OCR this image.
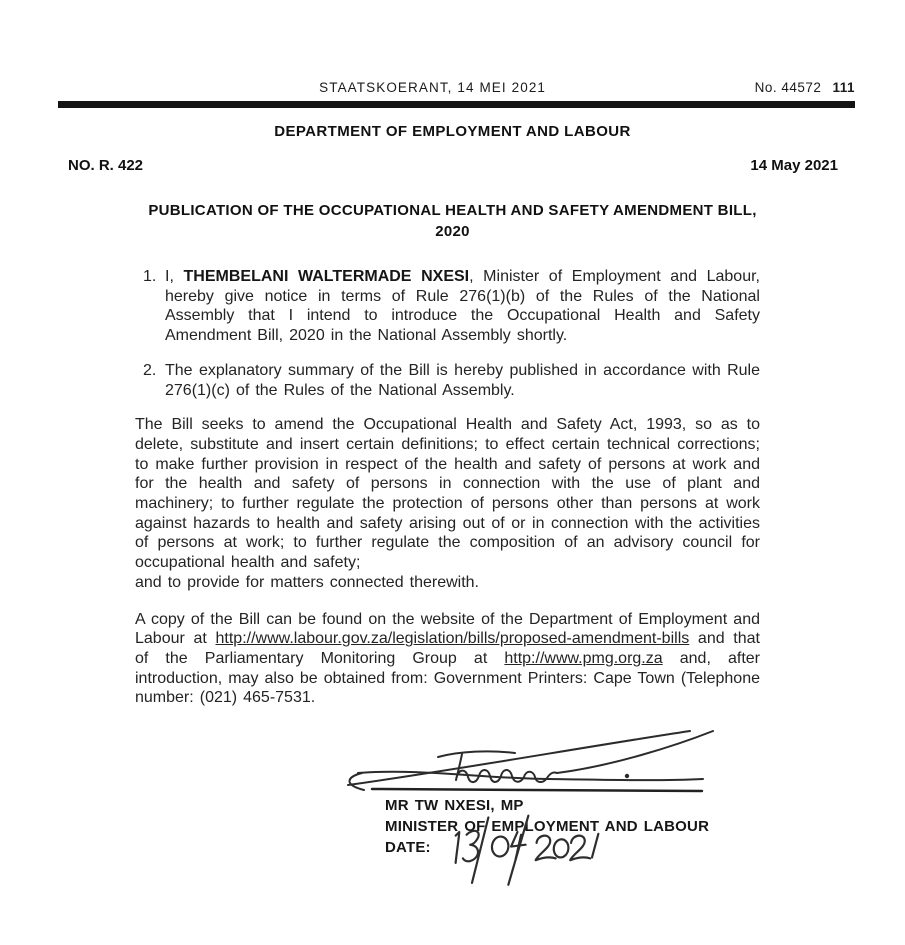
STAATSKOERANT, 14 MEI 2021	No. 44572 111
DEPARTMENT OF EMPLOYMENT AND LABOUR
NO. R. 422	14 May 2021
PUBLICATION OF THE OCCUPATIONAL HEALTH AND SAFETY AMENDMENT BILL, 2020
1. I, THEMBELANI WALTERMADE NXESI, Minister of Employment and Labour, hereby give notice in terms of Rule 276(1)(b) of the Rules of the National Assembly that I intend to introduce the Occupational Health and Safety Amendment Bill, 2020 in the National Assembly shortly.

2. The explanatory summary of the Bill is hereby published in accordance with Rule 276(1)(c) of the Rules of the National Assembly.

The Bill seeks to amend the Occupational Health and Safety Act, 1993, so as to delete, substitute and insert certain definitions; to effect certain technical corrections; to make further provision in respect of the health and safety of persons at work and for the health and safety of persons in connection with the use of plant and machinery; to further regulate the protection of persons other than persons at work against hazards to health and safety arising out of or in connection with the activities of persons at work; to further regulate the composition of an advisory council for occupational health and safety;

and to provide for matters connected therewith.

A copy of the Bill can be found on the website of the Department of Employment and Labour at http://www.labour.gov.za/legislation/bills/proposed-amendment-bills and that of the Parliamentary Monitoring Group at http://www.pmg.org.za and, after introduction, may also be obtained from: Government Printers: Cape Town (Telephone number: (021) 465-7531.

MR TW NXESI, MP
MINISTER OF EMPLOYMENT AND LABOUR
DATE:
